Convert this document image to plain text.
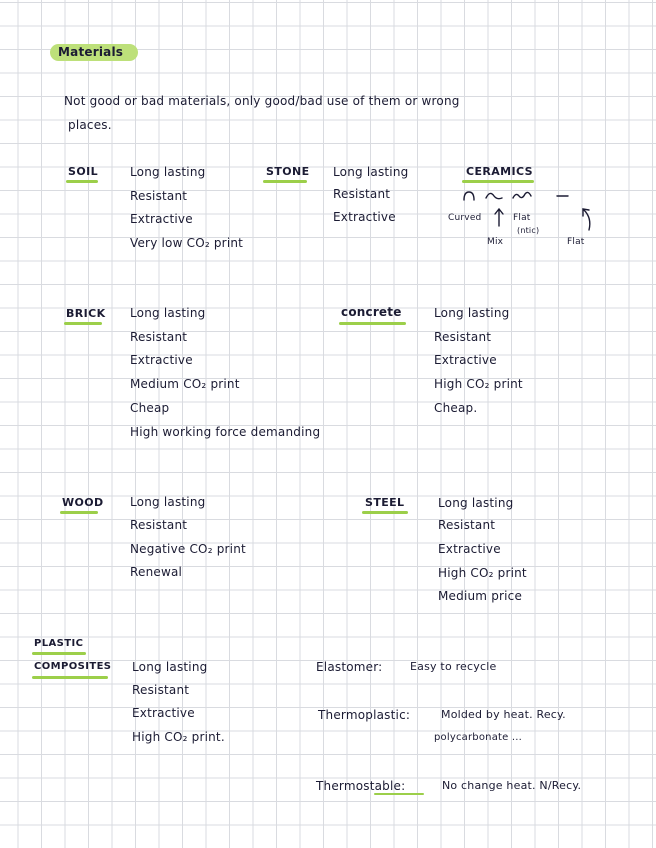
Materials
Not good or bad materials, only good/bad use of them or wrong
places.
SOIL	Long lasting
Resistant
Extractive
Very low CO₂ print
STONE Long lasting
Resistant
Extractive
CERAMICS
Curved	Flat
(ntic)
Mix	Flat
BRICK Long lasting
Resistant
Extractive
Medium CO₂ print
Cheap
High working force demanding
concrete	Long lasting
Resistant
Extractive
High CO₂ print
Cheap.
WOOD Long lasting
Resistant
Negative CO₂ print
Renewal
STEEL	Long lasting
Resistant
Extractive
High CO₂ print
Medium price
PLASTIC
COMPOSITES Long lasting
Resistant
Extractive
High CO₂ print.
Elastomer:	Easy to recycle
Thermoplastic:	Molded by heat. Recy.
polycarbonate ...
Thermostable:	No change heat. N/Recy.
